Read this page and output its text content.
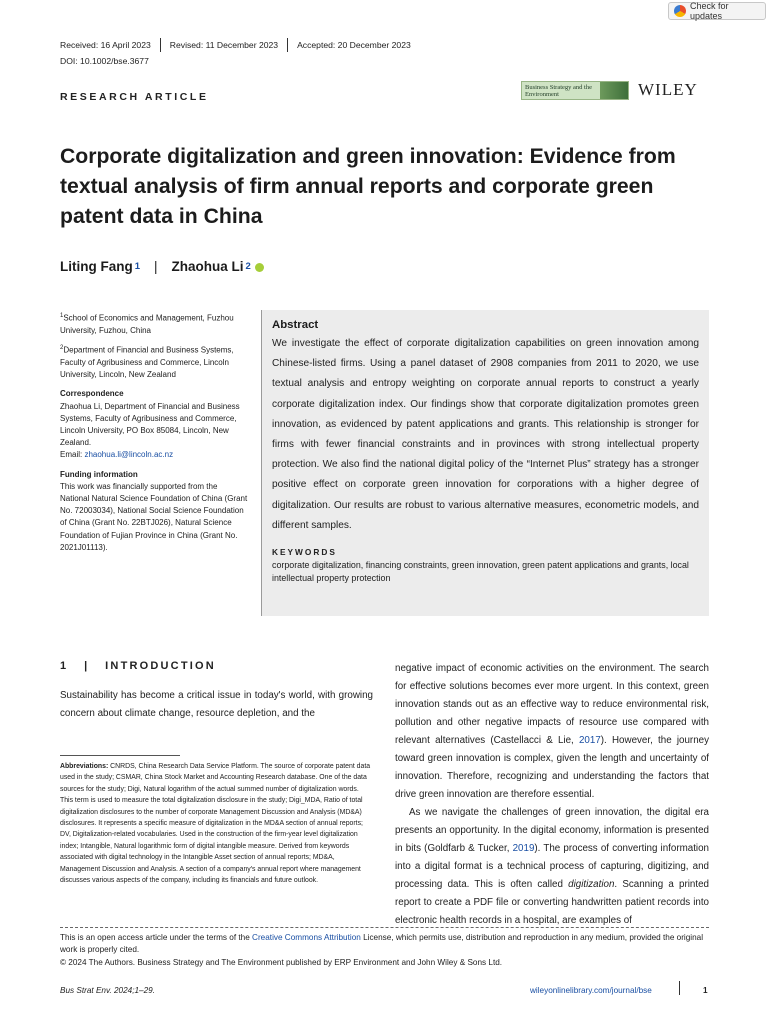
Check for updates
Received: 16 April 2023	Revised: 11 December 2023	Accepted: 20 December 2023
DOI: 10.1002/bse.3677
RESEARCH ARTICLE
Business Strategy and the Environment	WILEY
Corporate digitalization and green innovation: Evidence from textual analysis of firm annual reports and corporate green patent data in China
Liting Fang 1 | Zhaohua Li 2

$^1$School of Economics and Management, Fuzhou University, Fuzhou, China

$^2$Department of Financial and Business Systems, Faculty of Agribusiness and Commerce, Lincoln University, Lincoln, New Zealand

Correspondence

Zhaohua Li, Department of Financial and Business Systems, Faculty of Agribusiness and Commerce, Lincoln University, PO Box 85084, Lincoln, New Zealand.
Email: zhaohua.li@lincoln.ac.nz

Funding information

This work was financially supported from the National Natural Science Foundation of China (Grant No. 72003034), National Social Science Foundation of China (Grant No. 22BTJ026), Natural Science Foundation of Fujian Province in China (Grant No. 2021J01113).

Abstract
We investigate the effect of corporate digitalization capabilities on green innovation among Chinese-listed firms. Using a panel dataset of 2908 companies from 2011 to 2020, we use textual analysis and entropy weighting on corporate annual reports to construct a yearly corporate digitalization index. Our findings show that corporate digitalization promotes green innovation, as evidenced by patent applications and grants. This relationship is stronger for firms with fewer financial constraints and in provinces with strong intellectual property protection. We also find the national digital policy of the “Internet Plus” strategy has a stronger positive effect on corporate green innovation for corporations with a higher degree of digitalization. Our results are robust to various alternative measures, econometric models, and different samples.
KEYWORDS
corporate digitalization, financing constraints, green innovation, green patent applications and grants, local intellectual property protection
1 | INTRODUCTION
Sustainability has become a critical issue in today's world, with growing concern about climate change, resource depletion, and the
Abbreviations: CNRDS, China Research Data Service Platform. The source of corporate patent data used in the study; CSMAR, China Stock Market and Accounting Research database. One of the data sources for the study; Digi, Natural logarithm of the actual summed number of digitalization words. This term is used to measure the total digitalization disclosure in the study; Digi_MDA, Ratio of total digitalization disclosures to the number of corporate Management Discussion and Analysis (MD&A) disclosures. It represents a specific measure of digitalization in the MD&A section of annual reports; DV, Digitalization-related vocabularies. Used in the construction of the firm-year level digitalization index; Intangible, Natural logarithmic form of digital intangible measure. Derived from keywords associated with digital technology in the Intangible Asset section of annual reports; MD&A, Management Discussion and Analysis. A section of a company's annual report where management discusses various aspects of the company, including its financials and future outlook.

negative impact of economic activities on the environment. The search for effective solutions becomes ever more urgent. In this context, green innovation stands out as an effective way to reduce environmental risk, pollution and other negative impacts of resource use compared with relevant alternatives (Castellacci & Lie, 2017). However, the journey toward green innovation is complex, given the length and uncertainty of innovation. Therefore, recognizing and understanding the factors that drive green innovation are therefore essential.

As we navigate the challenges of green innovation, the digital era presents an opportunity. In the digital economy, information is presented in bits (Goldfarb & Tucker, 2019). The process of converting information into a digital format is a technical process of capturing, digitizing, and processing data. This is often called digitization. Scanning a printed report to create a PDF file or converting handwritten patient records into electronic health records in a hospital, are examples of

This is an open access article under the terms of the Creative Commons Attribution License, which permits use, distribution and reproduction in any medium, provided the original work is properly cited.
© 2024 The Authors. Business Strategy and The Environment published by ERP Environment and John Wiley & Sons Ltd.
Bus Strat Env. 2024;1–29.	wileyonlinelibrary.com/journal/bse	1
